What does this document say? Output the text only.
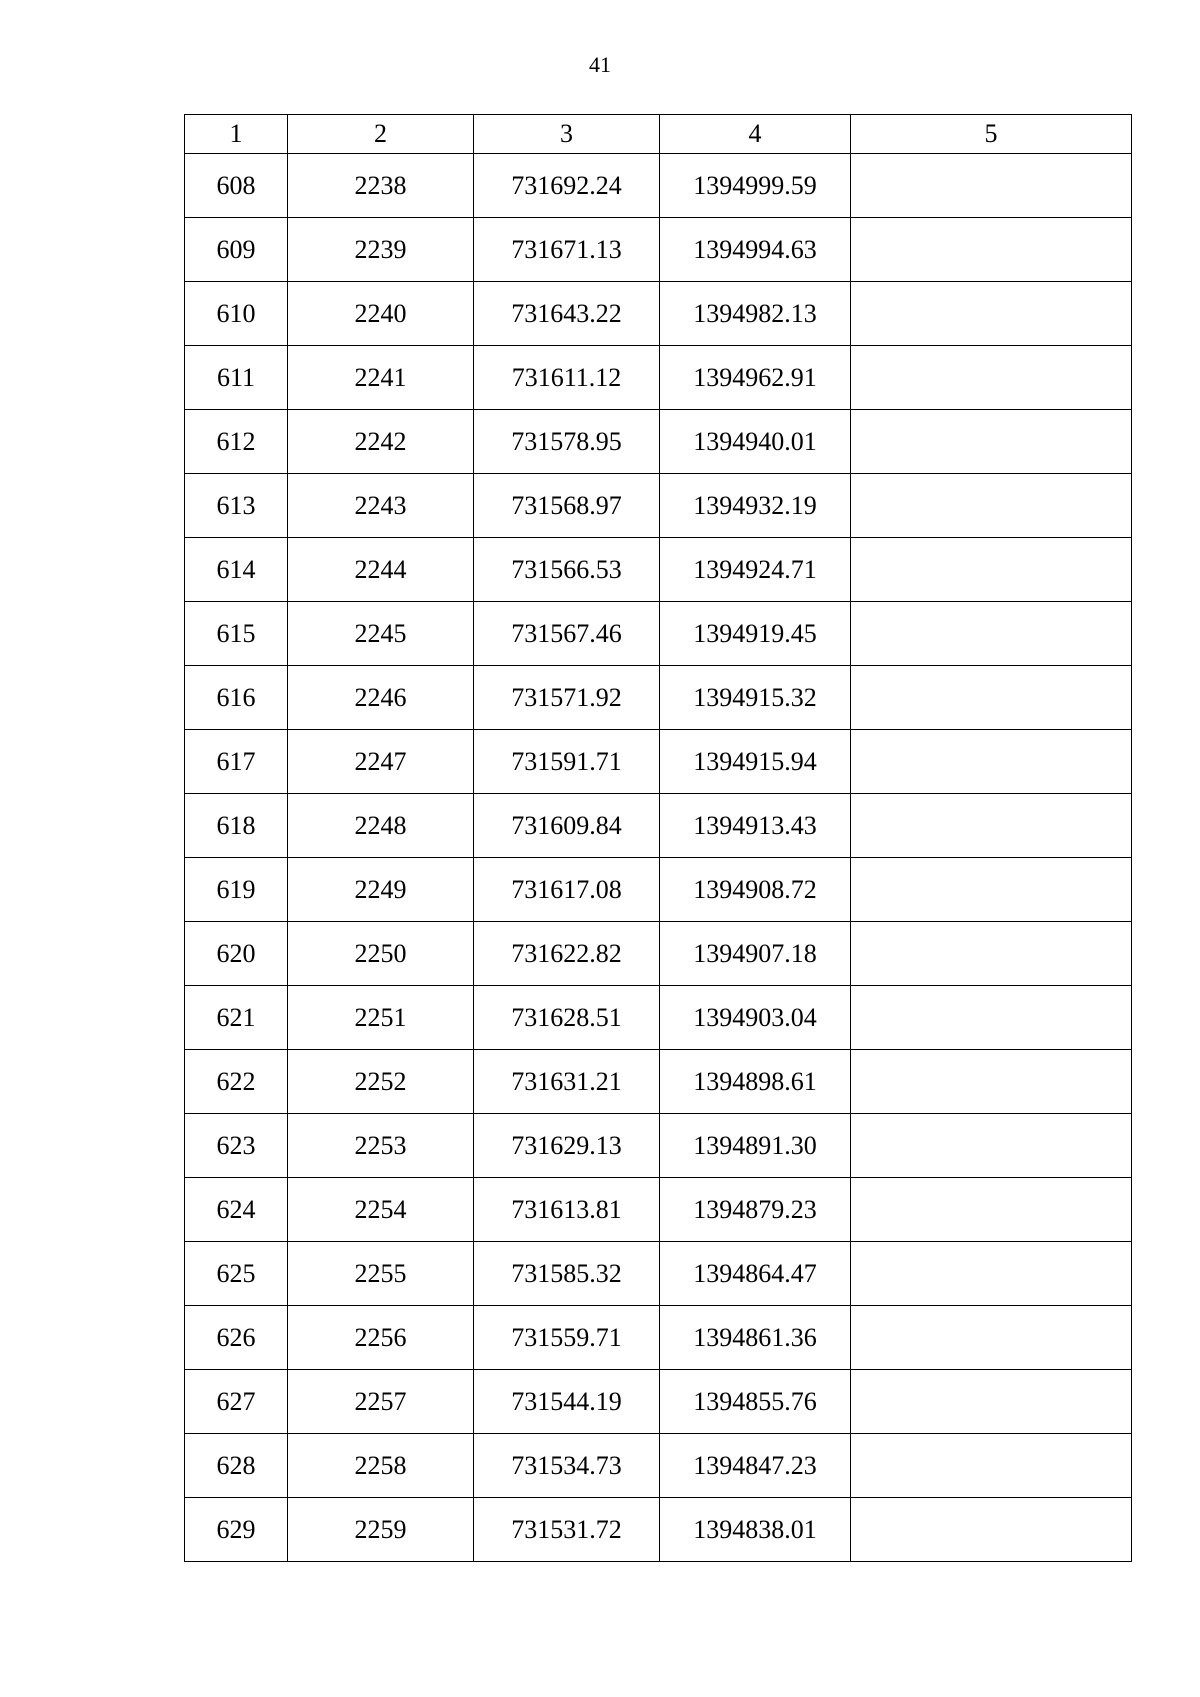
41
1	2	3	4	5
608	2238	731692.24	1394999.59	
609	2239	731671.13	1394994.63	
610	2240	731643.22	1394982.13	
611	2241	731611.12	1394962.91	
612	2242	731578.95	1394940.01	
613	2243	731568.97	1394932.19	
614	2244	731566.53	1394924.71	
615	2245	731567.46	1394919.45	
616	2246	731571.92	1394915.32	
617	2247	731591.71	1394915.94	
618	2248	731609.84	1394913.43	
619	2249	731617.08	1394908.72	
620	2250	731622.82	1394907.18	
621	2251	731628.51	1394903.04	
622	2252	731631.21	1394898.61	
623	2253	731629.13	1394891.30	
624	2254	731613.81	1394879.23	
625	2255	731585.32	1394864.47	
626	2256	731559.71	1394861.36	
627	2257	731544.19	1394855.76	
628	2258	731534.73	1394847.23	
629	2259	731531.72	1394838.01	
